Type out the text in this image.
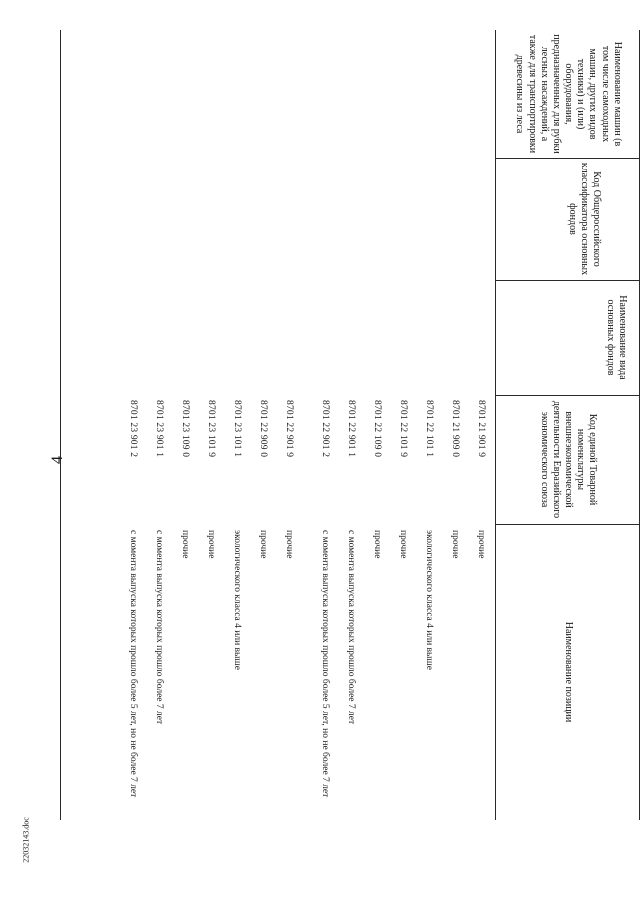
4
22032143.doc
Наименование машин (в том числе самоходных машин, других видов техники) и (или) оборудования, предназначенных для рубки лесных насаждений, а также для транспортировки древесины из леса
Код Общероссийского классификатора основных фондов
Наименование вида основных фондов
Код единой Товарной номенклатуры внешнеэкономической деятельности Евразийского экономического союза
Наименование позиции
8701 21 901 9
прочие
8701 21 909 0
прочие
8701 22 101 1
экологического класса 4 или выше
8701 22 101 9
прочие
8701 22 109 0
прочие
8701 22 901 1
с момента выпуска которых прошло более 7 лет
8701 22 901 2
с момента выпуска которых прошло более 5 лет, но не более 7 лет
8701 22 901 9
прочие
8701 22 909 0
прочие
8701 23 101 1
экологического класса 4 или выше
8701 23 101 9
прочие
8701 23 109 0
прочие
8701 23 901 1
с момента выпуска которых прошло более 7 лет
8701 23 901 2
с момента выпуска которых прошло более 5 лет, но не более 7 лет
